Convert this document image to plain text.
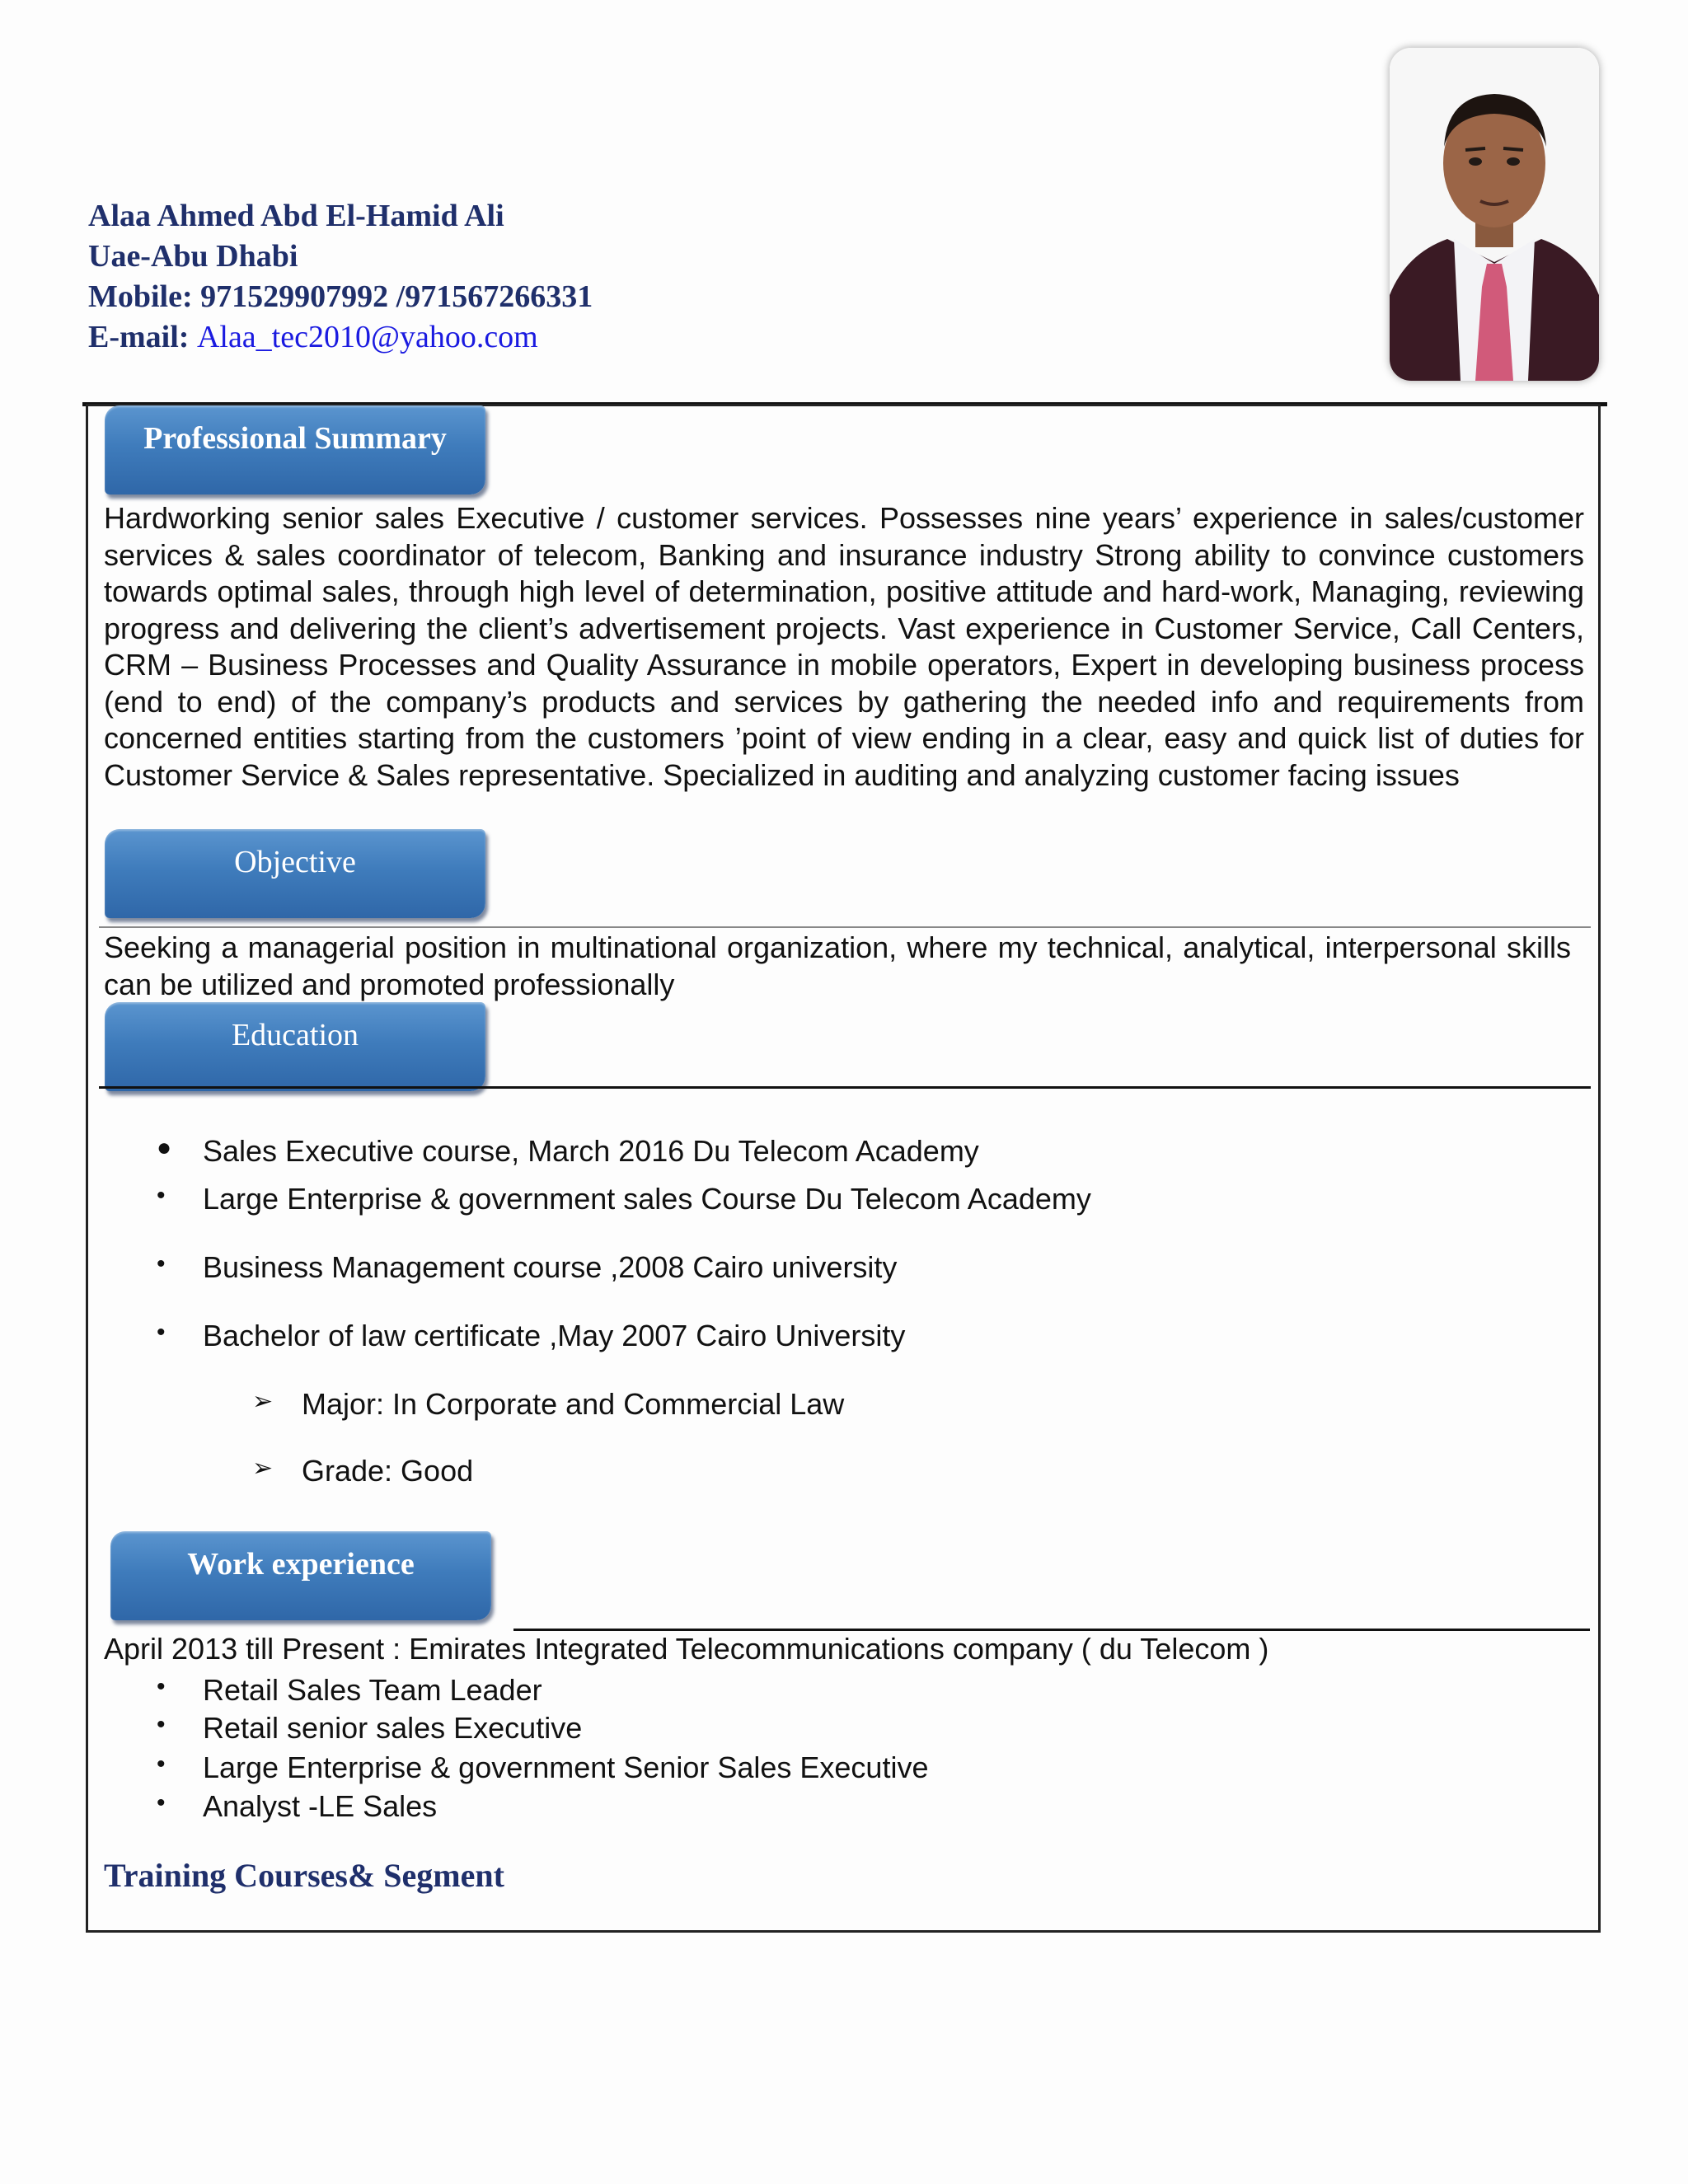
Alaa Ahmed Abd El-Hamid Ali
Uae-Abu Dhabi
Mobile: 971529907992 /971567266331
E-mail: Alaa_tec2010@yahoo.com
Professional Summary
Hardworking senior sales Executive / customer services. Possesses nine years’ experience in sales/customer services & sales coordinator of telecom, Banking and insurance industry Strong ability to convince customers towards optimal sales, through high level of determination, positive attitude and hard-work, Managing, reviewing progress and delivering the client’s advertisement projects. Vast experience in Customer Service, Call Centers, CRM – Business Processes and Quality Assurance in mobile operators, Expert in developing business process (end to end) of the company’s products and services by gathering the needed info and requirements from concerned entities starting from the customers ’point of view ending in a clear, easy and quick list of duties for Customer Service & Sales representative. Specialized in auditing and analyzing customer facing issues
Objective
Seeking a managerial position in multinational organization, where my technical, analytical, interpersonal skills can be utilized and promoted professionally
Education
● Sales Executive course, March 2016 Du Telecom Academy
• Large Enterprise & government sales Course Du Telecom Academy
• Business Management course ,2008 Cairo university
• Bachelor of law certificate ,May 2007 Cairo University
➢ Major: In Corporate and Commercial Law
➢ Grade: Good
Work experience
April 2013 till Present : Emirates Integrated Telecommunications company ( du Telecom )
• Retail Sales Team Leader
• Retail senior sales Executive
• Large Enterprise & government Senior Sales Executive
• Analyst -LE Sales
Training Courses& Segment
